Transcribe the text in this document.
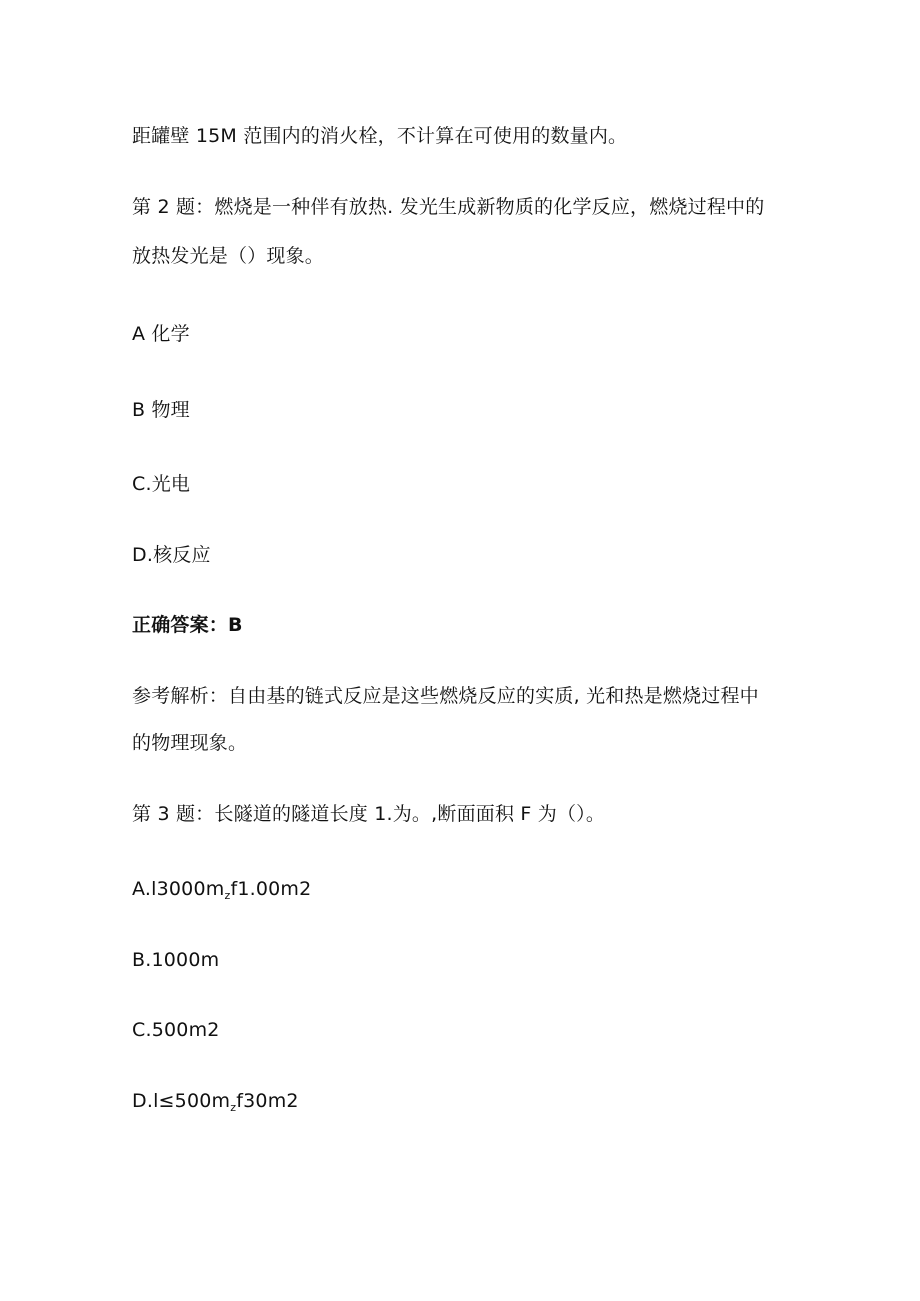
距罐壁 15M 范围内的消火栓，不计算在可使用的数量内。
第 2 题：燃烧是一种伴有放热. 发光生成新物质的化学反应，燃烧过程中的
放热发光是（）现象。
A 化学
B 物理
C.光电
D.核反应
正确答案：B
参考解析：自由基的链式反应是这些燃烧反应的实质, 光和热是燃烧过程中
的物理现象。
第 3 题：长隧道的隧道长度 1.为。,断面面积 F 为（）。
$A.l3000m_zf1.00m2$
B.1000m
C.500m2
$D.l\le 500m_zf30m2$
